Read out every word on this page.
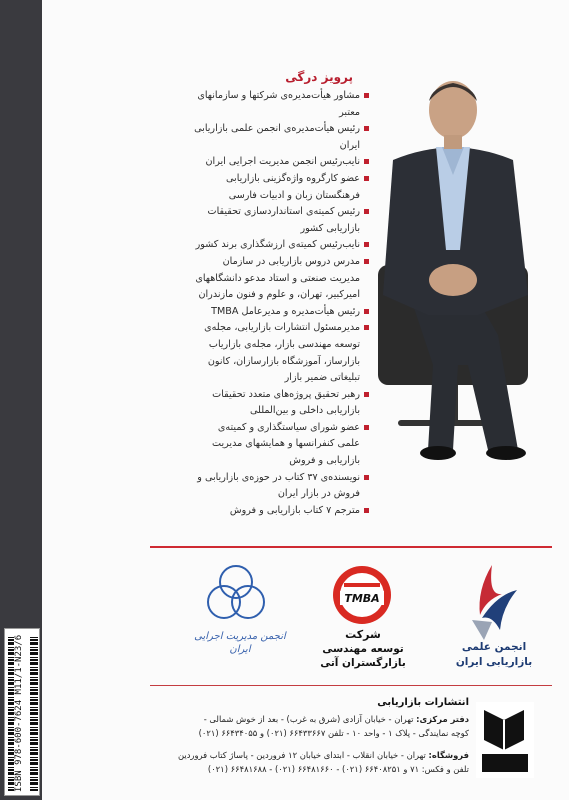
ISBN 978-600-7624 M11/1-N23/6
پرویز درگی
مشاور هیأت‌مدیره‌ی شرکتها و سازمانهای معتبر
رئیس هیأت‌مدیره‌ی انجمن علمی بازاریابی ایران
نایب‌رئیس انجمن مدیریت اجرایی ایران
عضو کارگروه واژه‌گزینی بازاریابی فرهنگستان زبان و ادبیات فارسی
رئیس کمیته‌ی استانداردسازی تحقیقات بازاریابی کشور
نایب‌رئیس کمیته‌ی ارزشگذاری برند کشور
مدرس دروس بازاریابی در سازمان مدیریت صنعتی و استاد مدعو دانشگاههای امیرکبیر، تهران، و علوم و فنون مازندران
رئیس هیأت‌مدیره و مدیرعامل TMBA
مدیرمسئول انتشارات بازاریابی، مجله‌ی توسعه مهندسی بازار، مجله‌ی بازاریاب بازارساز، آموزشگاه بازارسازان، کانون تبلیغاتی ضمیر بازار
رهبر تحقیق پروژه‌های متعدد تحقیقات بازاریابی داخلی و بین‌المللی
عضو شورای سیاستگذاری و کمیته‌ی علمی کنفرانسها و همایشهای مدیریت بازاریابی و فروش
نویسنده‌ی ۳۷ کتاب در حوزه‌ی بازاریابی و فروش در بازار ایران
مترجم ۷ کتاب بازاریابی و فروش
انجمن علمی
بازاریابی ایران
TMBA
شرکت
توسعه مهندسی
بازارگستران آتی
انجمن مدیریت اجرایی ایران
انتشارات بازاریابی
دفتر مرکزی: تهران - خیابان آزادی (شرق به غرب) - بعد از خوش شمالی -
کوچه نمایندگی - پلاک ۱ - واحد ۱۰ - تلفن ۶۶۴۳۳۶۶۷ (۰۲۱) و ۶۶۴۳۴۰۵۵ (۰۲۱)
فروشگاه: تهران - خیابان انقلاب - ابتدای خیابان ۱۲ فروردین - پاساژ کتاب فروردین
تلفن و فکس: ۷۱ و ۶۶۴۰۸۲۵۱ (۰۲۱) - ۶۶۴۸۱۶۶۰ (۰۲۱) - ۶۶۴۸۱۶۸۸ (۰۲۱)
